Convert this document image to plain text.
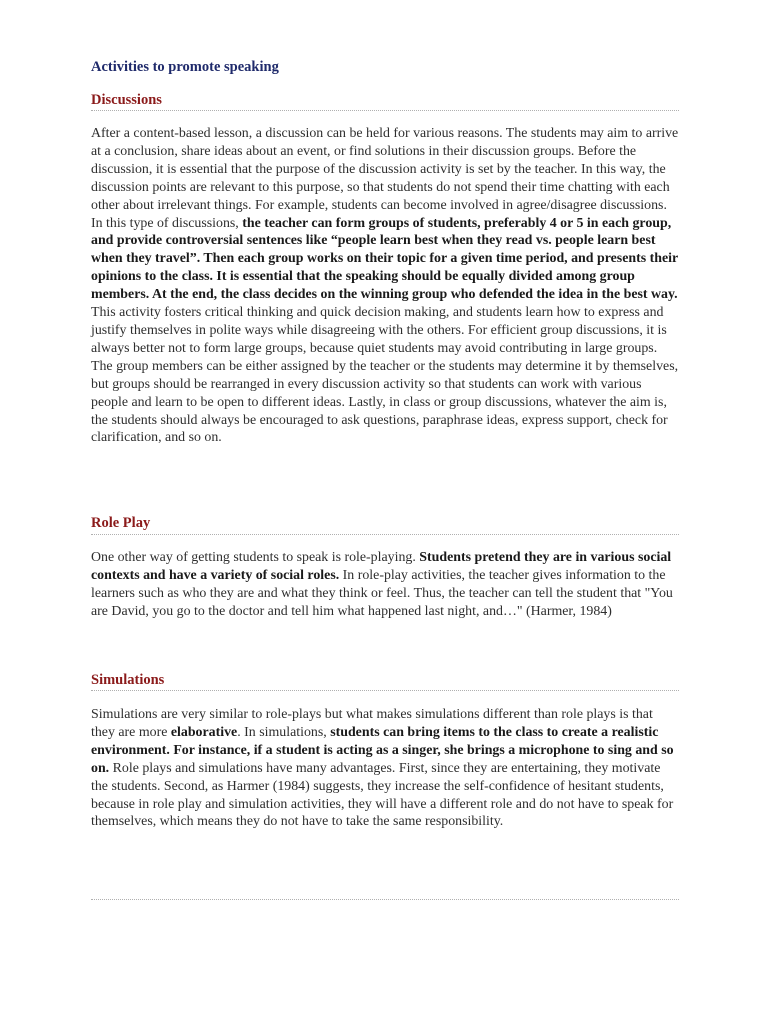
Activities to promote speaking
Discussions

After a content-based lesson, a discussion can be held for various reasons. The students may aim to arrive at a conclusion, share ideas about an event, or find solutions in their discussion groups. Before the discussion, it is essential that the purpose of the discussion activity is set by the teacher. In this way, the discussion points are relevant to this purpose, so that students do not spend their time chatting with each other about irrelevant things. For example, students can become involved in agree/disagree discussions. In this type of discussions, the teacher can form groups of students, preferably 4 or 5 in each group, and provide controversial sentences like “people learn best when they read vs. people learn best when they travel”. Then each group works on their topic for a given time period, and presents their opinions to the class. It is essential that the speaking should be equally divided among group members. At the end, the class decides on the winning group who defended the idea in the best way. This activity fosters critical thinking and quick decision making, and students learn how to express and justify themselves in polite ways while disagreeing with the others. For efficient group discussions, it is always better not to form large groups, because quiet students may avoid contributing in large groups. The group members can be either assigned by the teacher or the students may determine it by themselves, but groups should be rearranged in every discussion activity so that students can work with various people and learn to be open to different ideas. Lastly, in class or group discussions, whatever the aim is, the students should always be encouraged to ask questions, paraphrase ideas, express support, check for clarification, and so on.

Role Play

One other way of getting students to speak is role-playing. Students pretend they are in various social contexts and have a variety of social roles. In role-play activities, the teacher gives information to the learners such as who they are and what they think or feel. Thus, the teacher can tell the student that "You are David, you go to the doctor and tell him what happened last night, and…" (Harmer, 1984)

Simulations

Simulations are very similar to role-plays but what makes simulations different than role plays is that they are more elaborative. In simulations, students can bring items to the class to create a realistic environment. For instance, if a student is acting as a singer, she brings a microphone to sing and so on. Role plays and simulations have many advantages. First, since they are entertaining, they motivate the students. Second, as Harmer (1984) suggests, they increase the self-confidence of hesitant students, because in role play and simulation activities, they will have a different role and do not have to speak for themselves, which means they do not have to take the same responsibility.
